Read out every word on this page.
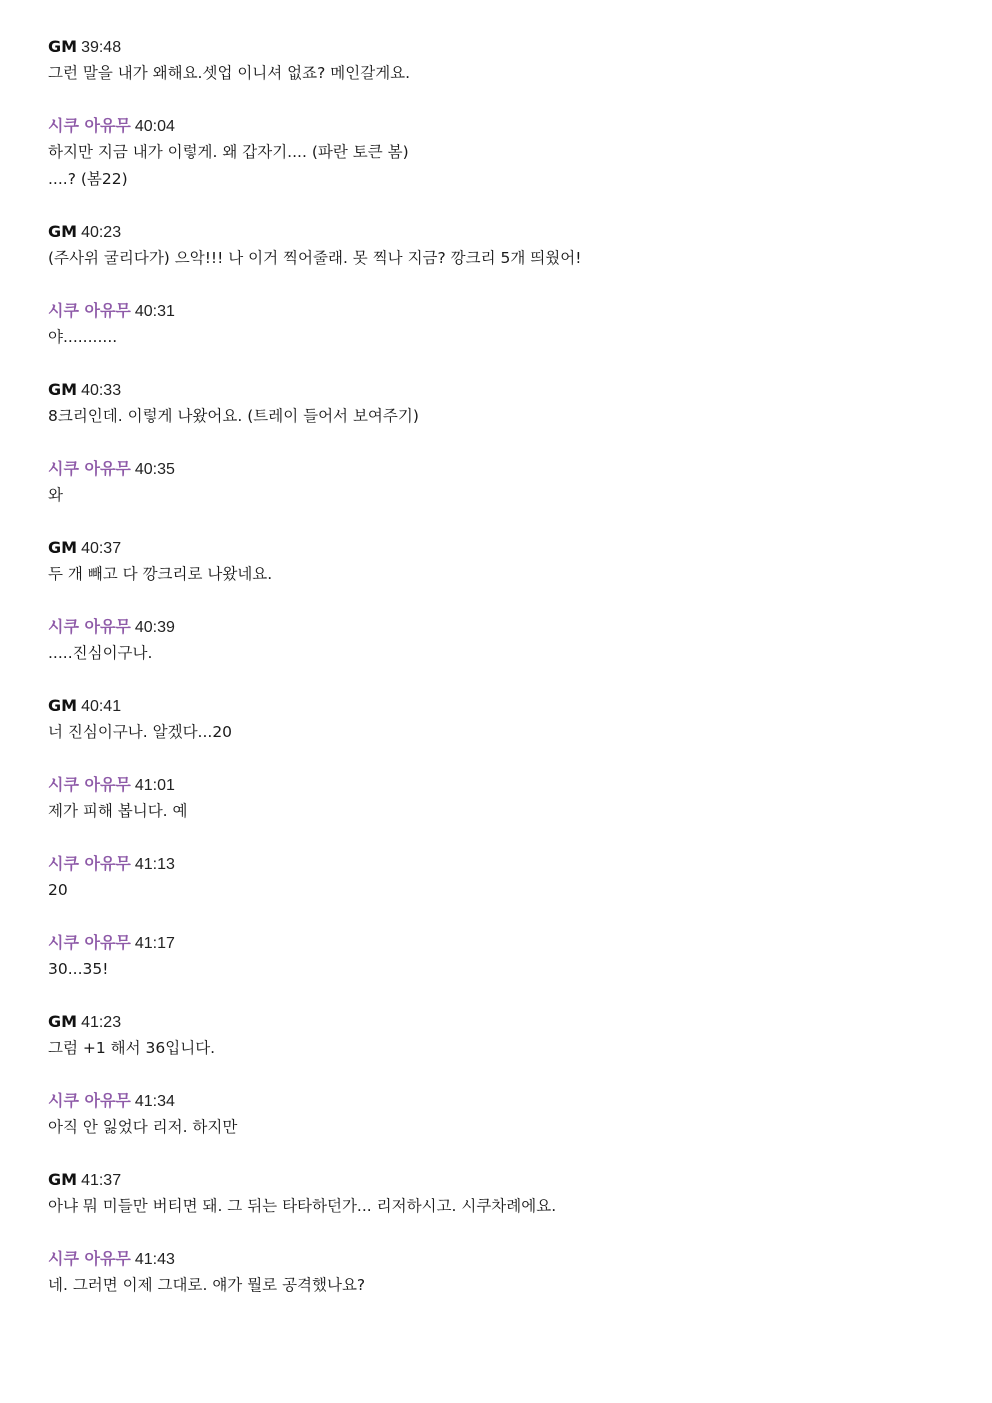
GM 39:48
그런 말을 내가 왜해요.셋업 이니셔 없죠? 메인갈게요.
시쿠 아유무 40:04
하지만 지금 내가 이렇게. 왜 갑자기.... (파란 토큰 봄)
....? (봄22)
GM 40:23
(주사위 굴리다가) 으악!!! 나 이거 찍어줄래. 못 찍나 지금? 깡크리 5개 띄웠어!
시쿠 아유무 40:31
야...........
GM 40:33
8크리인데. 이렇게 나왔어요. (트레이 들어서 보여주기)
시쿠 아유무 40:35
와
GM 40:37
두 개 빼고 다 깡크리로 나왔네요.
시쿠 아유무 40:39
.....진심이구나.
GM 40:41
너 진심이구나. 알겠다...20
시쿠 아유무 41:01
제가 피해 봅니다. 예
시쿠 아유무 41:13
20
시쿠 아유무 41:17
30...35!
GM 41:23
그럼 +1 해서 36입니다.
시쿠 아유무 41:34
아직 안 잃었다 리저. 하지만
GM 41:37
아냐 뭐 미들만 버티면 돼. 그 뒤는 타타하던가... 리저하시고. 시쿠차례에요.
시쿠 아유무 41:43
네. 그러면 이제 그대로. 얘가 뭘로 공격했나요?
